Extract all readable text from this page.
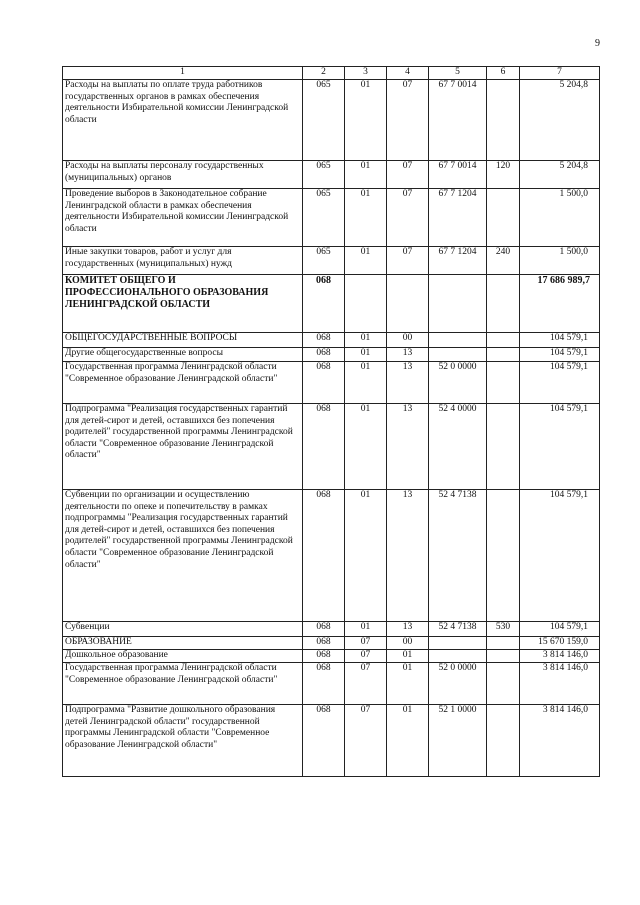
9
1	2	3	4	5	6	7
Расходы на выплаты по оплате труда работников государственных органов в рамках обеспечения деятельности Избирательной комиссии Ленинградской области	065	01	07	67 7 0014		5 204,8
Расходы на выплаты персоналу государственных (муниципальных) органов	065	01	07	67 7 0014	120	5 204,8
Проведение выборов в Законодательное собрание Ленинградской области в рамках обеспечения деятельности Избирательной комиссии Ленинградской области	065	01	07	67 7 1204		1 500,0
Иные закупки товаров, работ и услуг для государственных (муниципальных) нужд	065	01	07	67 7 1204	240	1 500,0
КОМИТЕТ ОБЩЕГО И ПРОФЕССИОНАЛЬНОГО ОБРАЗОВАНИЯ ЛЕНИНГРАДСКОЙ ОБЛАСТИ	068					17 686 989,7
ОБЩЕГОСУДАРСТВЕННЫЕ ВОПРОСЫ	068	01	00			104 579,1
Другие общегосударственные вопросы	068	01	13			104 579,1
Государственная программа Ленинградской области "Современное образование Ленинградской области"	068	01	13	52 0 0000		104 579,1
Подпрограмма "Реализация государственных гарантий для детей-сирот и детей, оставшихся без попечения родителей" государственной программы Ленинградской области "Современное образование Ленинградской области"	068	01	13	52 4 0000		104 579,1
Субвенции по организации и осуществлению деятельности по опеке и попечительству в рамках подпрограммы "Реализация государственных гарантий для детей-сирот и детей, оставшихся без попечения родителей" государственной программы Ленинградской области "Современное образование Ленинградской области"	068	01	13	52 4 7138		104 579,1
Субвенции	068	01	13	52 4 7138	530	104 579,1
ОБРАЗОВАНИЕ	068	07	00			15 670 159,0
Дошкольное образование	068	07	01			3 814 146,0
Государственная программа Ленинградской области "Современное образование Ленинградской области"	068	07	01	52 0 0000		3 814 146,0
Подпрограмма "Развитие дошкольного образования детей Ленинградской области" государственной программы Ленинградской области "Современное образование Ленинградской области"	068	07	01	52 1 0000		3 814 146,0
